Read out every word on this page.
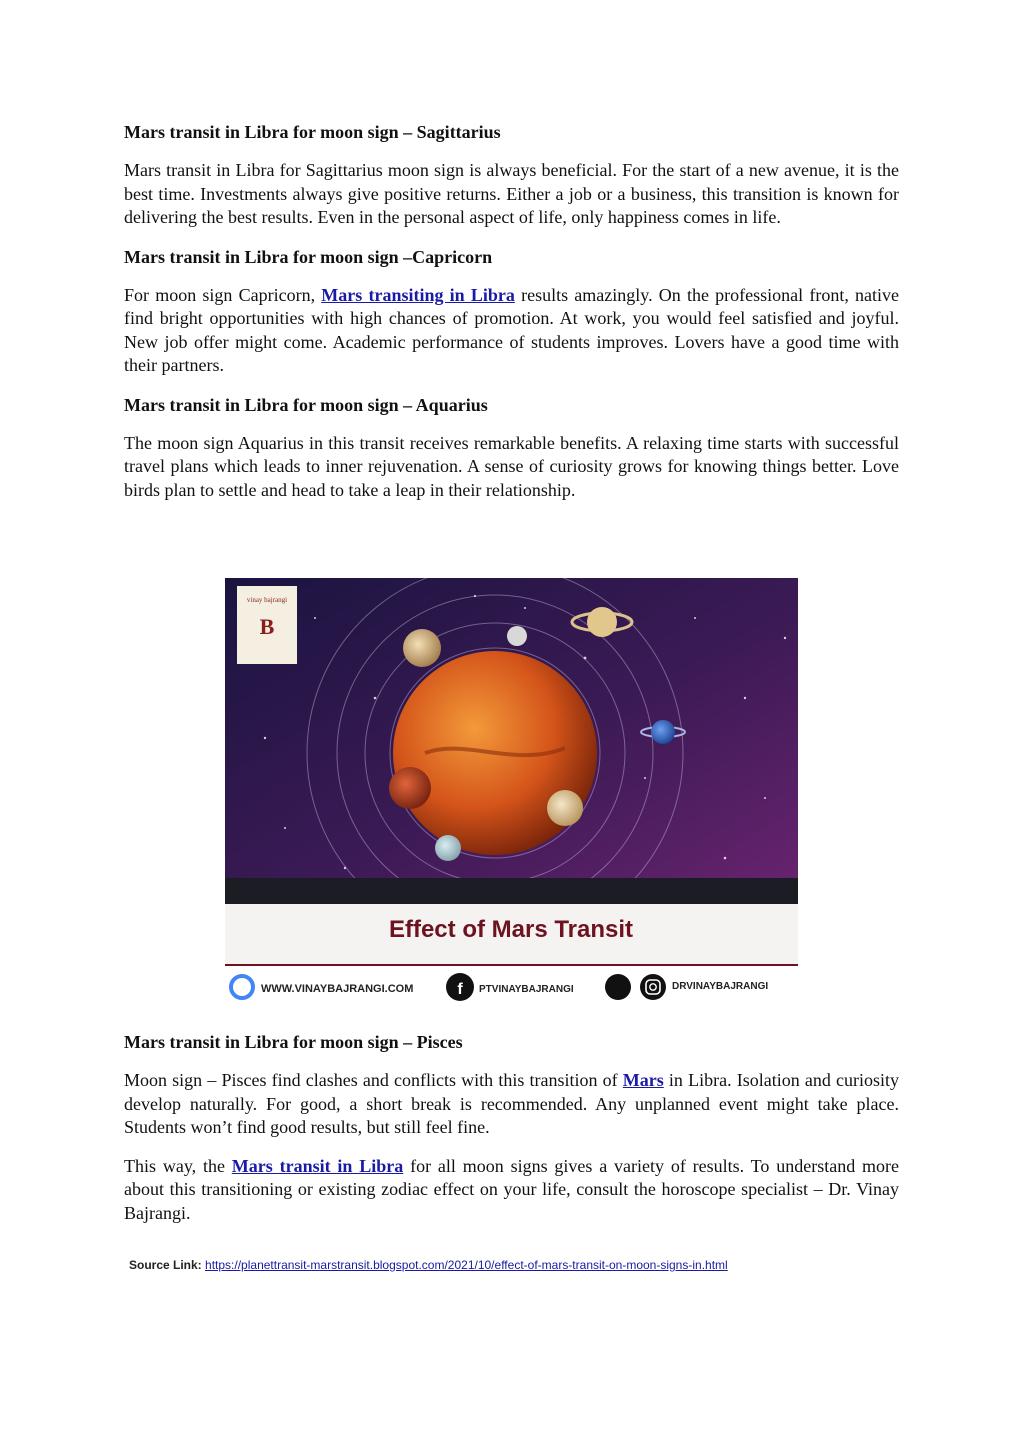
Mars transit in Libra for moon sign – Sagittarius

Mars transit in Libra for Sagittarius moon sign is always beneficial. For the start of a new avenue, it is the best time. Investments always give positive returns. Either a job or a business, this transition is known for delivering the best results. Even in the personal aspect of life, only happiness comes in life.

Mars transit in Libra for moon sign –Capricorn

For moon sign Capricorn, Mars transiting in Libra results amazingly. On the professional front, native find bright opportunities with high chances of promotion. At work, you would feel satisfied and joyful. New job offer might come. Academic performance of students improves. Lovers have a good time with their partners.

Mars transit in Libra for moon sign – Aquarius

The moon sign Aquarius in this transit receives remarkable benefits. A relaxing time starts with successful travel plans which leads to inner rejuvenation. A sense of curiosity grows for knowing things better. Love birds plan to settle and head to take a leap in their relationship.

vinay bajrangi
B
Effect of Mars Transit
WWW.VINAYBAJRANGI.COM	f PTVINAYBAJRANGI	DRVINAYBAJRANGI
Mars transit in Libra for moon sign – Pisces

Moon sign – Pisces find clashes and conflicts with this transition of Mars in Libra. Isolation and curiosity develop naturally. For good, a short break is recommended. Any unplanned event might take place. Students won’t find good results, but still feel fine.

This way, the Mars transit in Libra for all moon signs gives a variety of results. To understand more about this transitioning or existing zodiac effect on your life, consult the horoscope specialist – Dr. Vinay Bajrangi.

Source Link: https://planettransit-marstransit.blogspot.com/2021/10/effect-of-mars-transit-on-moon-signs-in.html
